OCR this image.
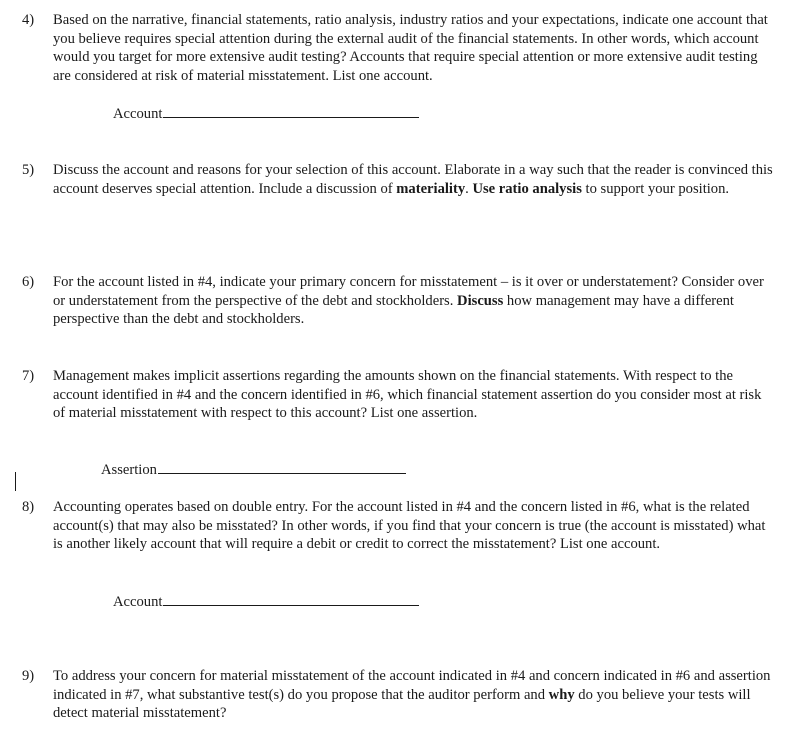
4)	Based on the narrative, financial statements, ratio analysis, industry ratios and your expectations, indicate one account that you believe requires special attention during the external audit of the financial statements. In other words, which account would you target for more extensive audit testing? Accounts that require special attention or more extensive audit testing are considered at risk of material misstatement. List one account.
Account
5)	Discuss the account and reasons for your selection of this account. Elaborate in a way such that the reader is convinced this account deserves special attention. Include a discussion of materiality. Use ratio analysis to support your position.
6)	For the account listed in #4, indicate your primary concern for misstatement – is it over or understatement? Consider over or understatement from the perspective of the debt and stockholders. Discuss how management may have a different perspective than the debt and stockholders.
7)	Management makes implicit assertions regarding the amounts shown on the financial statements. With respect to the account identified in #4 and the concern identified in #6, which financial statement assertion do you consider most at risk of material misstatement with respect to this account? List one assertion.
Assertion
8)	Accounting operates based on double entry. For the account listed in #4 and the concern listed in #6, what is the related account(s) that may also be misstated? In other words, if you find that your concern is true (the account is misstated) what is another likely account that will require a debit or credit to correct the misstatement? List one account.
Account
9)	To address your concern for material misstatement of the account indicated in #4 and concern indicated in #6 and assertion indicated in #7, what substantive test(s) do you propose that the auditor perform and why do you believe your tests will detect material misstatement?
